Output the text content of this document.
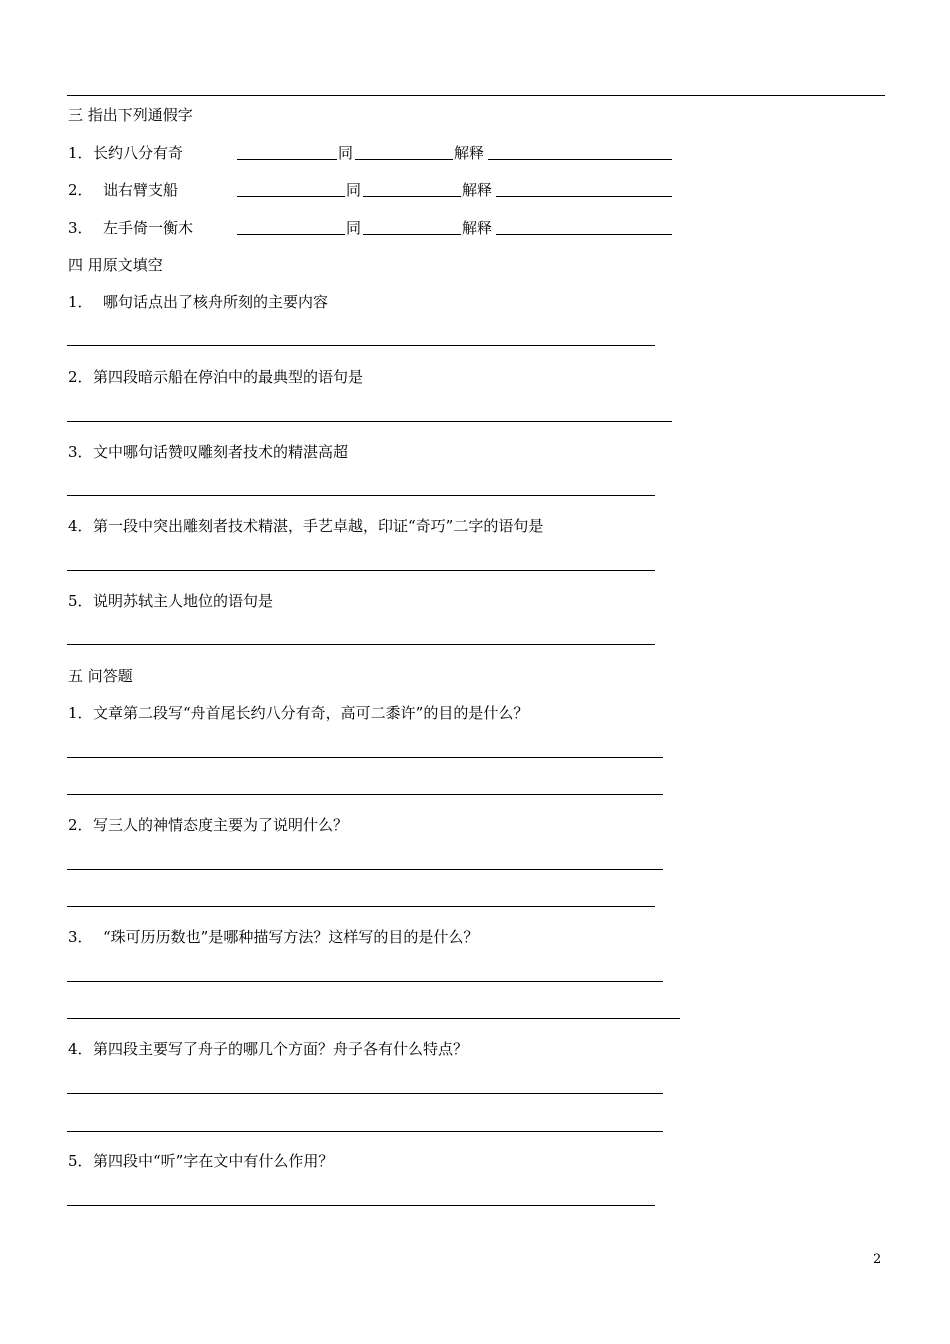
三 指出下列通假字
1． 长约八分有奇	同	解释
2． 诎右臂支船	同	解释
3． 左手倚一衡木	同	解释
四 用原文填空
1． 哪句话点出了核舟所刻的主要内容
2． 第四段暗示船在停泊中的最典型的语句是
3． 文中哪句话赞叹雕刻者技术的精湛高超
4． 第一段中突出雕刻者技术精湛，手艺卓越，印证“奇巧”二字的语句是
5． 说明苏轼主人地位的语句是
五 问答题
1． 文章第二段写“舟首尾长约八分有奇，高可二黍许”的目的是什么？
2． 写三人的神情态度主要为了说明什么？
3． “珠可历历数也”是哪种描写方法？这样写的目的是什么？
4． 第四段主要写了舟子的哪几个方面？舟子各有什么特点？
5． 第四段中“听”字在文中有什么作用？
2
